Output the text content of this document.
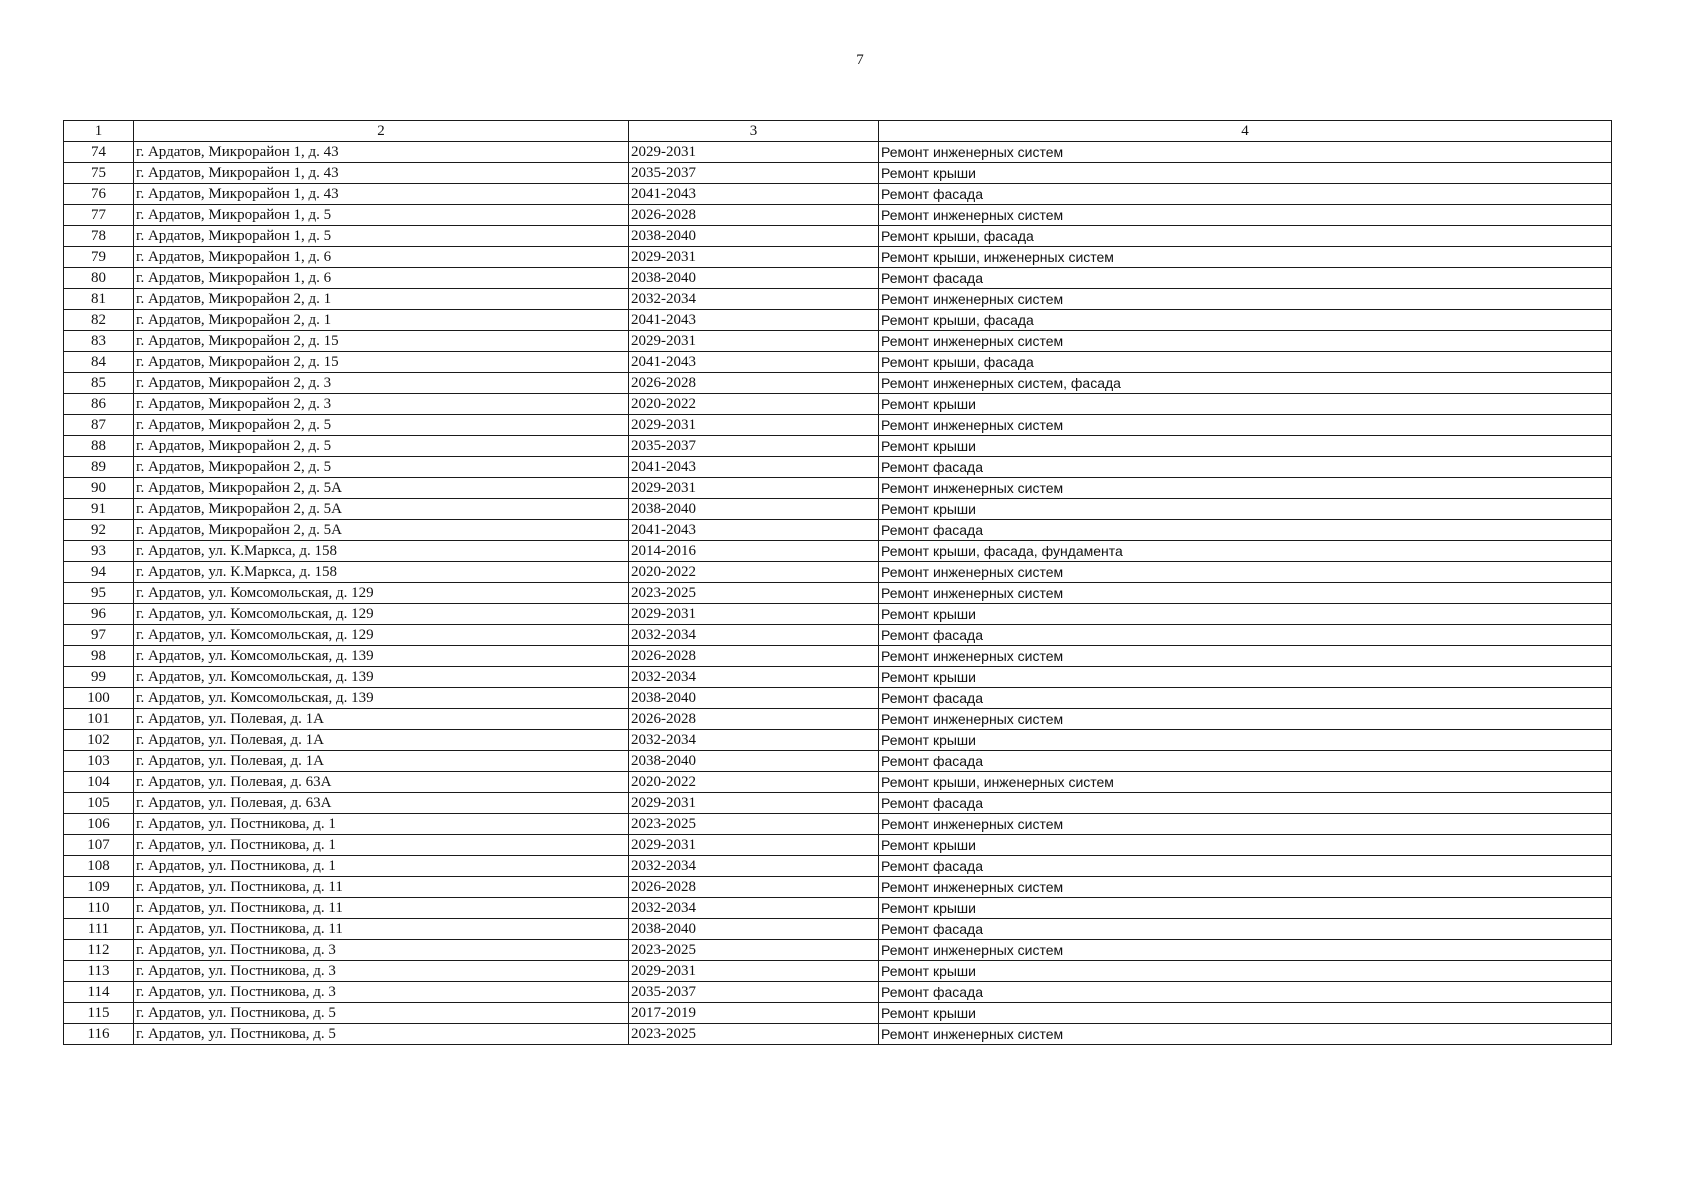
7
1	2	3	4
74	г. Ардатов, Микрорайон 1, д. 43	2029-2031	Ремонт инженерных систем
75	г. Ардатов, Микрорайон 1, д. 43	2035-2037	Ремонт крыши
76	г. Ардатов, Микрорайон 1, д. 43	2041-2043	Ремонт фасада
77	г. Ардатов, Микрорайон 1, д. 5	2026-2028	Ремонт инженерных систем
78	г. Ардатов, Микрорайон 1, д. 5	2038-2040	Ремонт крыши, фасада
79	г. Ардатов, Микрорайон 1, д. 6	2029-2031	Ремонт крыши, инженерных систем
80	г. Ардатов, Микрорайон 1, д. 6	2038-2040	Ремонт фасада
81	г. Ардатов, Микрорайон 2, д. 1	2032-2034	Ремонт инженерных систем
82	г. Ардатов, Микрорайон 2, д. 1	2041-2043	Ремонт крыши, фасада
83	г. Ардатов, Микрорайон 2, д. 15	2029-2031	Ремонт инженерных систем
84	г. Ардатов, Микрорайон 2, д. 15	2041-2043	Ремонт крыши, фасада
85	г. Ардатов, Микрорайон 2, д. 3	2026-2028	Ремонт инженерных систем, фасада
86	г. Ардатов, Микрорайон 2, д. 3	2020-2022	Ремонт крыши
87	г. Ардатов, Микрорайон 2, д. 5	2029-2031	Ремонт инженерных систем
88	г. Ардатов, Микрорайон 2, д. 5	2035-2037	Ремонт крыши
89	г. Ардатов, Микрорайон 2, д. 5	2041-2043	Ремонт фасада
90	г. Ардатов, Микрорайон 2, д. 5А	2029-2031	Ремонт инженерных систем
91	г. Ардатов, Микрорайон 2, д. 5А	2038-2040	Ремонт крыши
92	г. Ардатов, Микрорайон 2, д. 5А	2041-2043	Ремонт фасада
93	г. Ардатов, ул. К.Маркса, д. 158	2014-2016	Ремонт крыши, фасада, фундамента
94	г. Ардатов, ул. К.Маркса, д. 158	2020-2022	Ремонт инженерных систем
95	г. Ардатов, ул. Комсомольская, д. 129	2023-2025	Ремонт инженерных систем
96	г. Ардатов, ул. Комсомольская, д. 129	2029-2031	Ремонт крыши
97	г. Ардатов, ул. Комсомольская, д. 129	2032-2034	Ремонт фасада
98	г. Ардатов, ул. Комсомольская, д. 139	2026-2028	Ремонт инженерных систем
99	г. Ардатов, ул. Комсомольская, д. 139	2032-2034	Ремонт крыши
100	г. Ардатов, ул. Комсомольская, д. 139	2038-2040	Ремонт фасада
101	г. Ардатов, ул. Полевая, д. 1А	2026-2028	Ремонт инженерных систем
102	г. Ардатов, ул. Полевая, д. 1А	2032-2034	Ремонт крыши
103	г. Ардатов, ул. Полевая, д. 1А	2038-2040	Ремонт фасада
104	г. Ардатов, ул. Полевая, д. 63А	2020-2022	Ремонт крыши, инженерных систем
105	г. Ардатов, ул. Полевая, д. 63А	2029-2031	Ремонт фасада
106	г. Ардатов, ул. Постникова, д. 1	2023-2025	Ремонт инженерных систем
107	г. Ардатов, ул. Постникова, д. 1	2029-2031	Ремонт крыши
108	г. Ардатов, ул. Постникова, д. 1	2032-2034	Ремонт фасада
109	г. Ардатов, ул. Постникова, д. 11	2026-2028	Ремонт инженерных систем
110	г. Ардатов, ул. Постникова, д. 11	2032-2034	Ремонт крыши
111	г. Ардатов, ул. Постникова, д. 11	2038-2040	Ремонт фасада
112	г. Ардатов, ул. Постникова, д. 3	2023-2025	Ремонт инженерных систем
113	г. Ардатов, ул. Постникова, д. 3	2029-2031	Ремонт крыши
114	г. Ардатов, ул. Постникова, д. 3	2035-2037	Ремонт фасада
115	г. Ардатов, ул. Постникова, д. 5	2017-2019	Ремонт крыши
116	г. Ардатов, ул. Постникова, д. 5	2023-2025	Ремонт инженерных систем
